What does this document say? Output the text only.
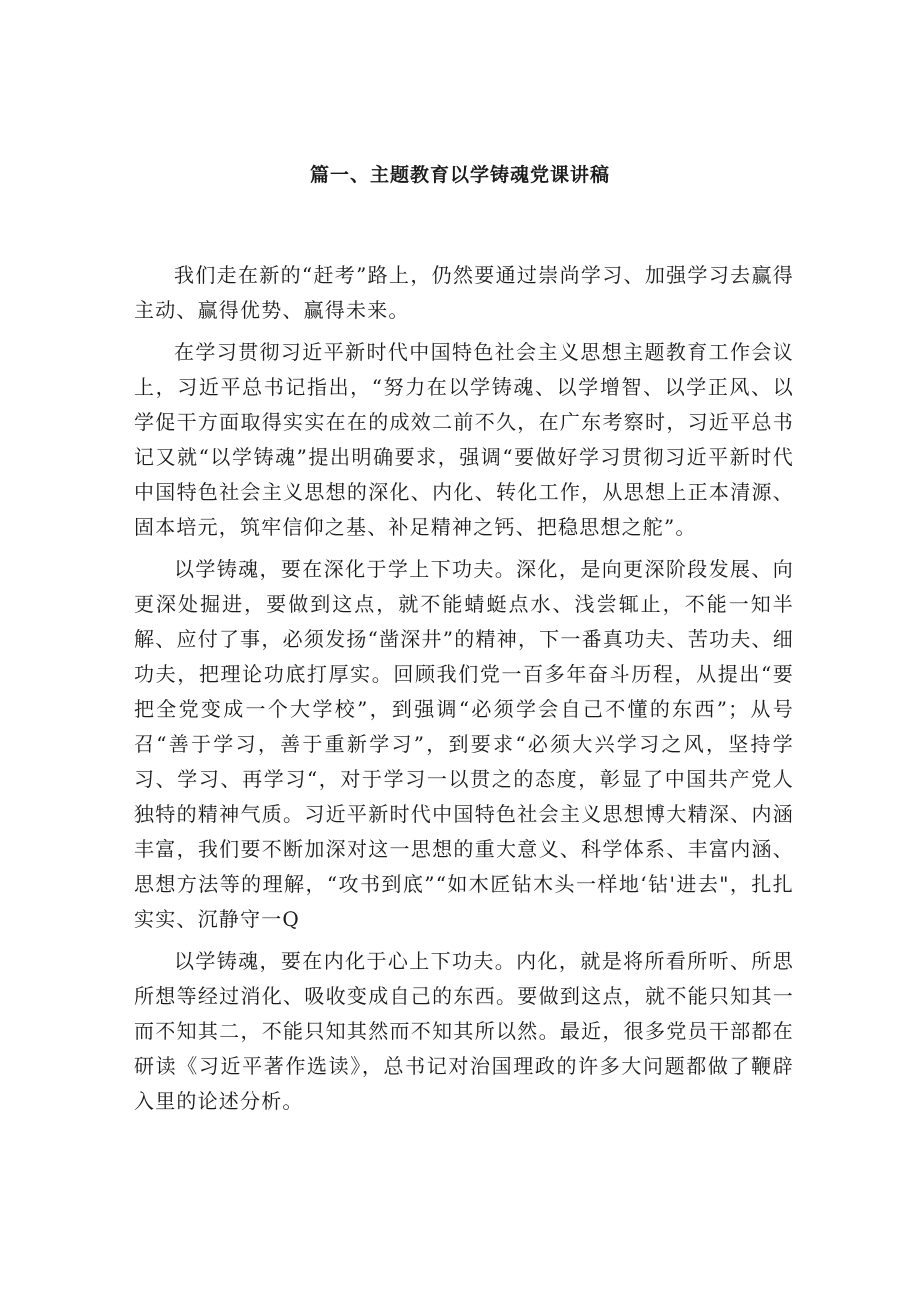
篇一、主题教育以学铸魂党课讲稿

我们走在新的“赶考”路上，仍然要通过崇尚学习、加强学习去赢得主动、赢得优势、赢得未来。

在学习贯彻习近平新时代中国特色社会主义思想主题教育工作会议上，习近平总书记指出，“努力在以学铸魂、以学增智、以学正风、以学促干方面取得实实在在的成效二前不久，在广东考察时，习近平总书记又就“以学铸魂”提出明确要求，强调“要做好学习贯彻习近平新时代中国特色社会主义思想的深化、内化、转化工作，从思想上正本清源、固本培元，筑牢信仰之基、补足精神之钙、把稳思想之舵”。

以学铸魂，要在深化于学上下功夫。深化，是向更深阶段发展、向更深处掘进，要做到这点，就不能蜻蜓点水、浅尝辄止，不能一知半解、应付了事，必须发扬“凿深井”的精神，下一番真功夫、苦功夫、细功夫，把理论功底打厚实。回顾我们党一百多年奋斗历程，从提出“要把全党变成一个大学校”，到强调“必须学会自己不懂的东西”；从号召“善于学习，善于重新学习”，到要求“必须大兴学习之风，坚持学习、学习、再学习“，对于学习一以贯之的态度，彰显了中国共产党人独特的精神气质。习近平新时代中国特色社会主义思想博大精深、内涵丰富，我们要不断加深对这一思想的重大意义、科学体系、丰富内涵、思想方法等的理解，“攻书到底”“如木匠钻木头一样地‘钻'进去"，扎扎实实、沉静守一Q

以学铸魂，要在内化于心上下功夫。内化，就是将所看所听、所思所想等经过消化、吸收变成自己的东西。要做到这点，就不能只知其一而不知其二，不能只知其然而不知其所以然。最近，很多党员干部都在研读《习近平著作选读》，总书记对治国理政的许多大问题都做了鞭辟入里的论述分析。
